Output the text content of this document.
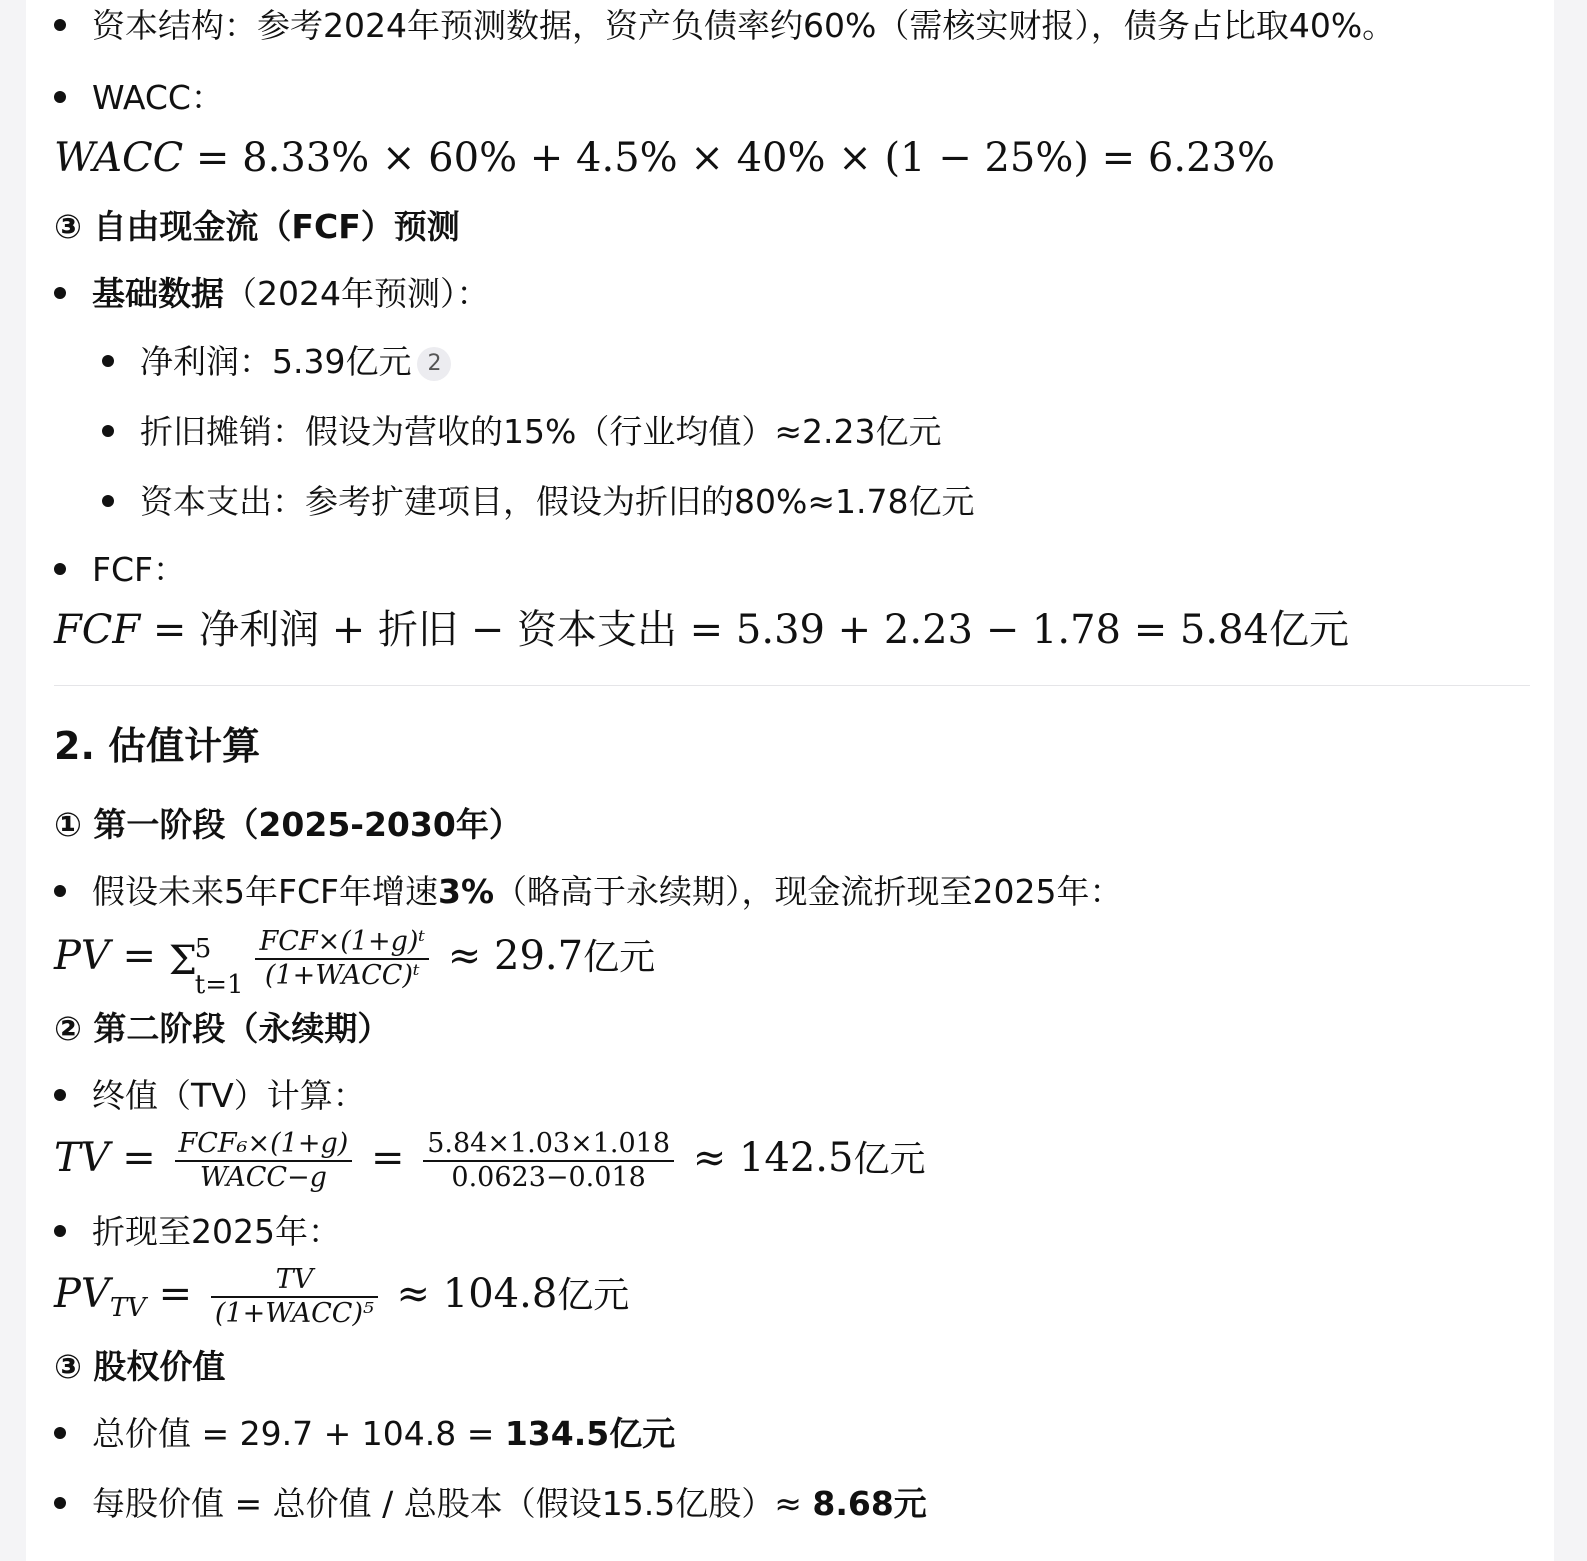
资本结构：参考2024年预测数据，资产负债率约60%（需核实财报），债务占比取40%。
WACC：
WACC = 8.33% × 60% + 4.5% × 40% × (1 − 25%) = 6.23%
③ 自由现金流（FCF）预测
基础数据（2024年预测）：
净利润：5.39亿元 2
折旧摊销：假设为营收的15%（行业均值）≈2.23亿元
资本支出：参考扩建项目，假设为折旧的80%≈1.78亿元
FCF：
FCF = 净利润 + 折旧 − 资本支出 = 5.39 + 2.23 − 1.78 = 5.84亿元
2. 估值计算
① 第一阶段（2025-2030年）
假设未来5年FCF年增速3%（略高于永续期），现金流折现至2025年：
PV = Σ
5
t=1
$\frac{\text{FCF×(1+g)ᵗ}}{\text{(1+WACC)ᵗ}} \approx 29.7$亿元
② 第二阶段（永续期）
终值（TV）计算：
TV = $\frac{\text{FCF₆×(1+g)}}{\text{WACC−g}} = \frac{5.84\times 1.03\times 1.018}{0.0623-0.018} \approx 142.5$亿元
折现至2025年：
$PV_{TV} = \frac{TV}{\text{(1+WACC)⁵}} \approx 104.8$亿元
③ 股权价值
总价值 = 29.7 + 104.8 = 134.5亿元
每股价值 = 总价值 / 总股本（假设15.5亿股）≈ 8.68元
